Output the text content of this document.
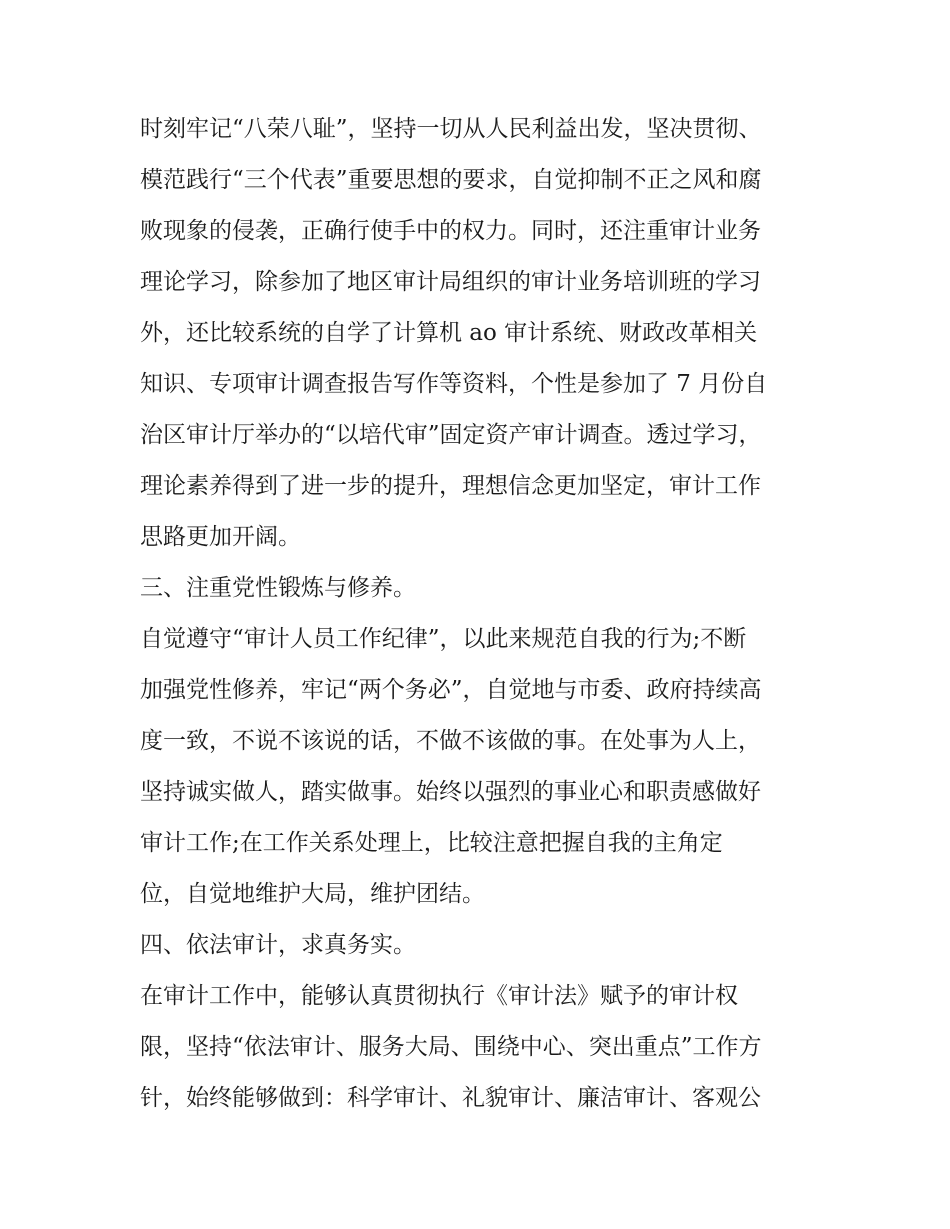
时刻牢记“八荣八耻”，坚持一切从人民利益出发，坚决贯彻、
模范践行“三个代表”重要思想的要求，自觉抑制不正之风和腐
败现象的侵袭，正确行使手中的权力。同时，还注重审计业务
理论学习，除参加了地区审计局组织的审计业务培训班的学习
外，还比较系统的自学了计算机 ao 审计系统、财政改革相关
知识、专项审计调查报告写作等资料，个性是参加了 7 月份自
治区审计厅举办的“以培代审”固定资产审计调查。透过学习，
理论素养得到了进一步的提升，理想信念更加坚定，审计工作
思路更加开阔。
三、注重党性锻炼与修养。
自觉遵守“审计人员工作纪律”，以此来规范自我的行为;不断
加强党性修养，牢记“两个务必”，自觉地与市委、政府持续高
度一致，不说不该说的话，不做不该做的事。在处事为人上，
坚持诚实做人，踏实做事。始终以强烈的事业心和职责感做好
审计工作;在工作关系处理上，比较注意把握自我的主角定
位，自觉地维护大局，维护团结。
四、依法审计，求真务实。
在审计工作中，能够认真贯彻执行《审计法》赋予的审计权
限，坚持“依法审计、服务大局、围绕中心、突出重点”工作方
针，始终能够做到：科学审计、礼貌审计、廉洁审计、客观公
